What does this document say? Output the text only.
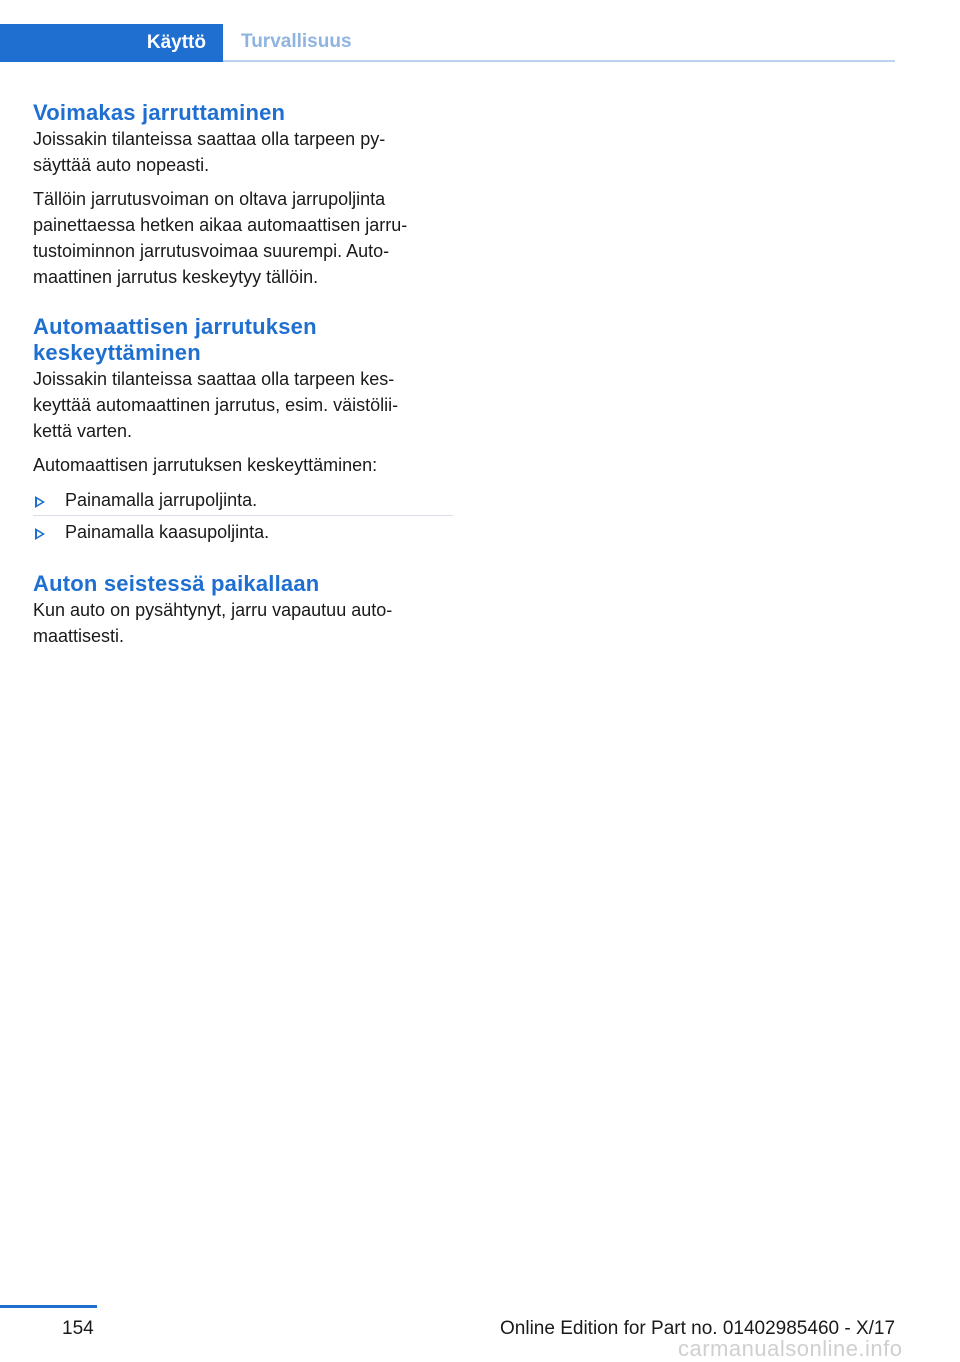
Käyttö	Turvallisuus
Voimakas jarruttaminen

Joissakin tilanteissa saattaa olla tarpeen py‐
säyttää auto nopeasti.

Tällöin jarrutusvoiman on oltava jarrupoljinta
painettaessa hetken aikaa automaattisen jarru‐
tustoiminnon jarrutusvoimaa suurempi. Auto‐
maattinen jarrutus keskeytyy tällöin.

Automaattisen jarrutuksen
keskeyttäminen

Joissakin tilanteissa saattaa olla tarpeen kes‐
keyttää automaattinen jarrutus, esim. väistölii‐
kettä varten.

Automaattisen jarrutuksen keskeyttäminen:

Painamalla jarrupoljinta.
Painamalla kaasupoljinta.
Auton seistessä paikallaan

Kun auto on pysähtynyt, jarru vapautuu auto‐
maattisesti.

154	Online Edition for Part no. 01402985460 - X/17
carmanualsonline.info
